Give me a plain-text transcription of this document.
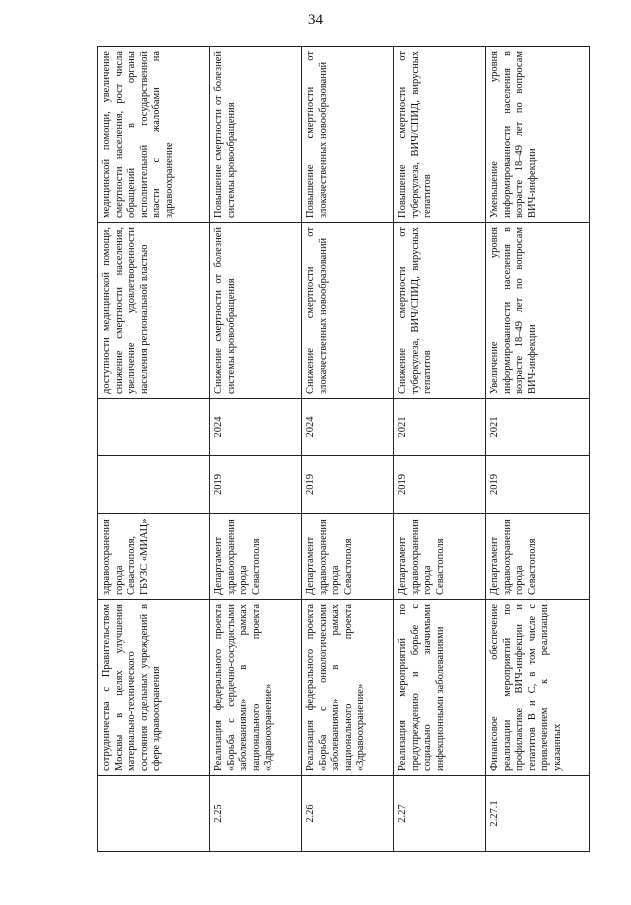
34
	сотрудничества с Правительством Москвы в целях улучшения материально-технического состояния отдельных учреждений в сфере здравоохранения	здравоохранения города Севастополя, ГБУЗС «МИАЦ»			доступности медицинской помощи, снижение смертности населения, увеличение удовлетворенности населения региональной властью	медицинской помощи, увеличение смертности населения, рост числа обращений в органы исполнительной государственной власти с жалобами на здравоохранение
2.25	Реализация федерального проекта «Борьба с сердечно-сосудистыми заболеваниями» в рамках национального проекта «Здравоохранение»	Департамент здравоохранения города Севастополя	2019	2024	Снижение смертности от болезней системы кровообращения	Повышение смертности от болезней системы кровообращения
2.26	Реализация федерального проекта «Борьба с онкологическими заболеваниями» в рамках национального проекта «Здравоохранение»	Департамент здравоохранения города Севастополя	2019	2024	Снижение смертности от злокачественных новообразований	Повышение смертности от злокачественных новообразований
2.27	Реализация мероприятий по предупреждению и борьбе с социально значимыми инфекционными заболеваниями	Департамент здравоохранения города Севастополя	2019	2021	Снижение смертности от туберкулеза, ВИЧ/СПИД, вирусных гепатитов	Повышение смертности от туберкулеза, ВИЧ/СПИД, вирусных гепатитов
2.27.1	Финансовое обеспечение реализации мероприятий по профилактике ВИЧ-инфекции и гепатитов В и С, в том числе с привлечением к реализации указанных	Департамент здравоохранения города Севастополя	2019	2021	Увеличение уровня информированности населения в возрасте 18–49 лет по вопросам ВИЧ-инфекции	Уменьшение уровня информированности населения в возрасте 18–49 лет по вопросам ВИЧ-инфекции
